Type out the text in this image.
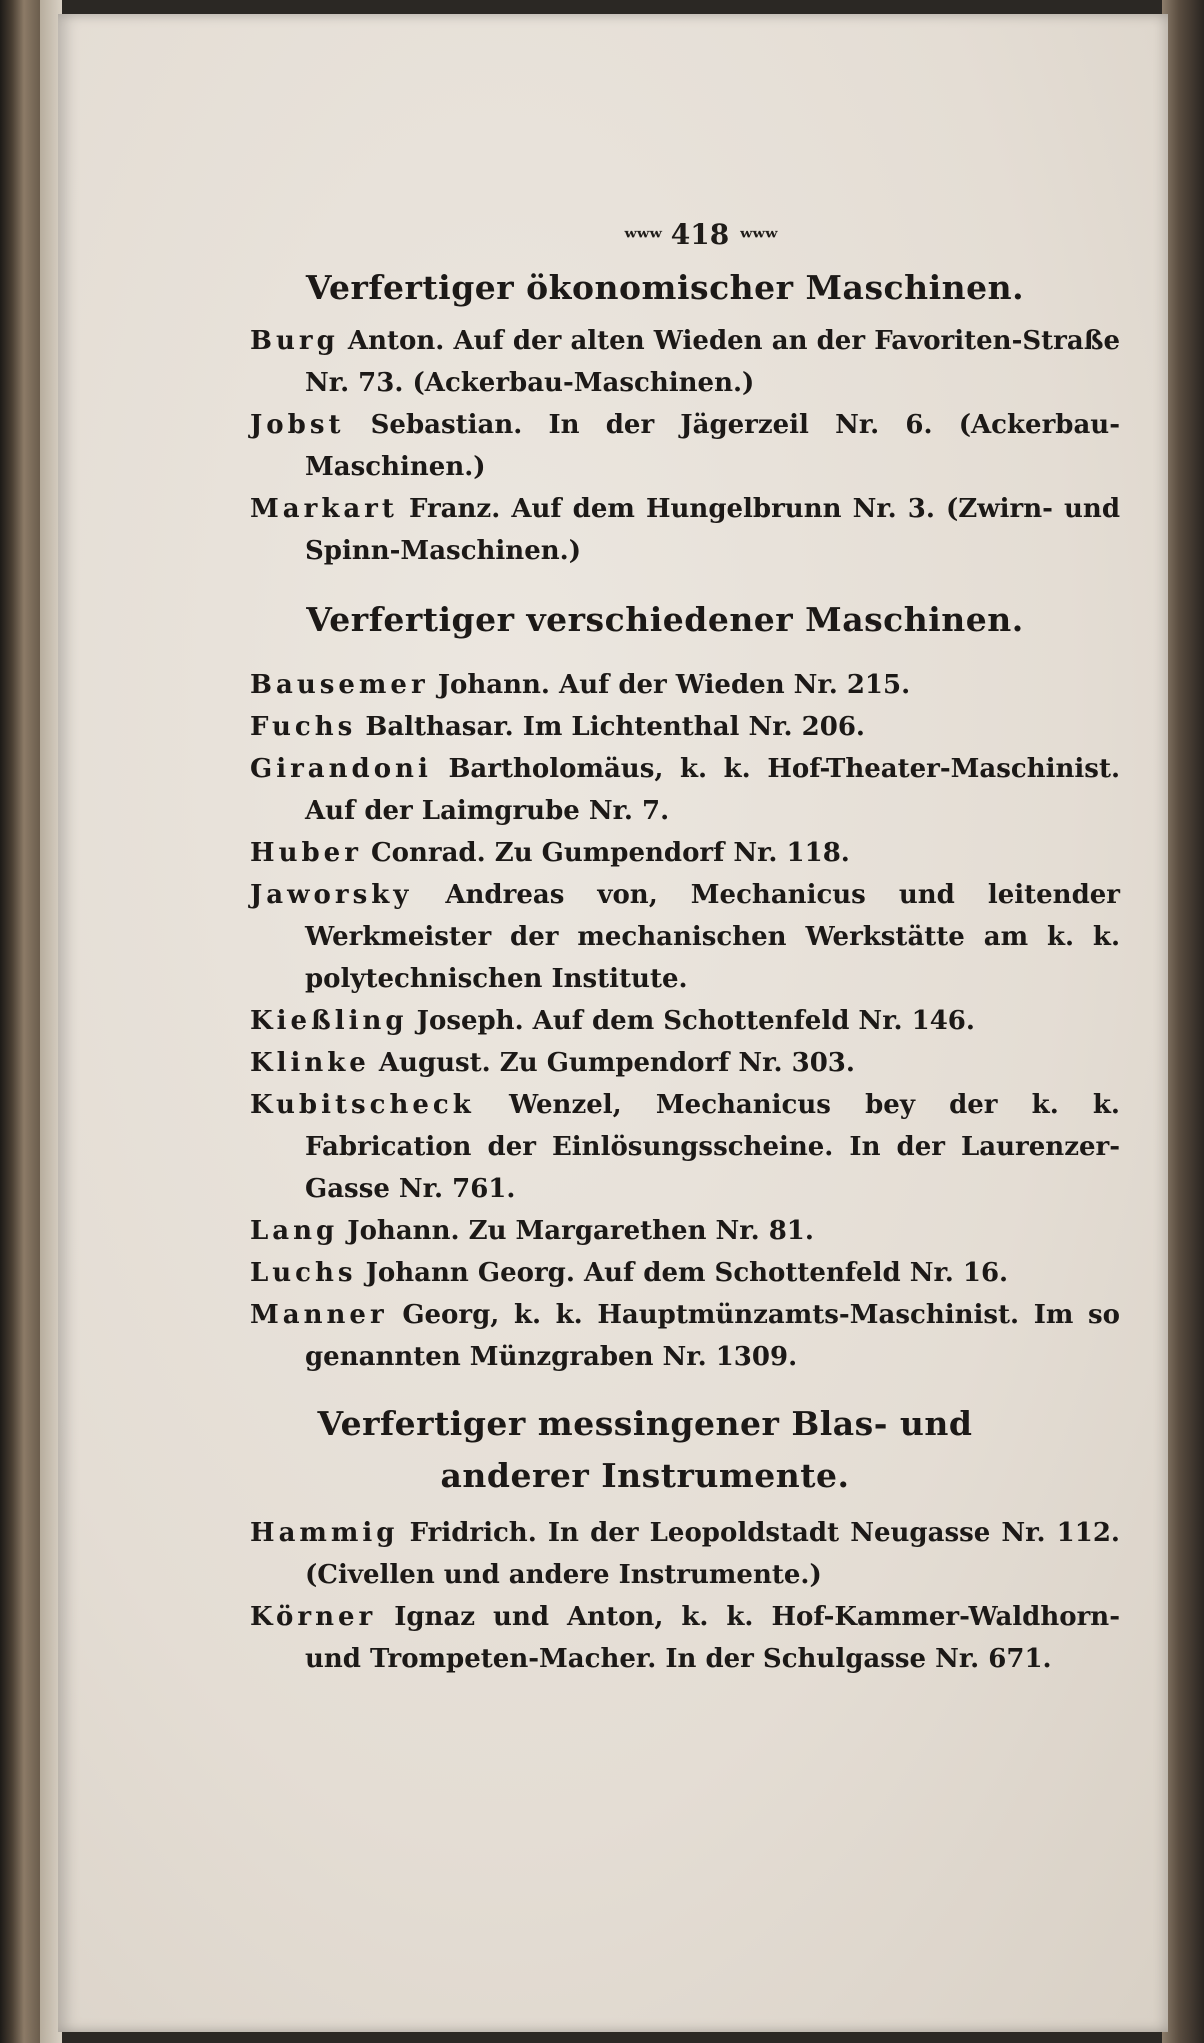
ʷʷʷ 418 ʷʷʷ
Verfertiger ökonomischer Maschinen.
Burg Anton. Auf der alten Wieden an der Favoriten-Straße Nr. 73. (Ackerbau-Maschinen.)
Jobst Sebastian. In der Jägerzeil Nr. 6. (Ackerbau-Maschinen.)
Markart Franz. Auf dem Hungelbrunn Nr. 3. (Zwirn- und Spinn-Maschinen.)
Verfertiger verschiedener Maschinen.
Bausemer Johann. Auf der Wieden Nr. 215.
Fuchs Balthasar. Im Lichtenthal Nr. 206.
Girandoni Bartholomäus, k. k. Hof-Theater-Maschinist. Auf der Laimgrube Nr. 7.
Huber Conrad. Zu Gumpendorf Nr. 118.
Jaworsky Andreas von, Mechanicus und leitender Werkmeister der mechanischen Werkstätte am k. k. polytechnischen Institute.
Kießling Joseph. Auf dem Schottenfeld Nr. 146.
Klinke August. Zu Gumpendorf Nr. 303.
Kubitscheck Wenzel, Mechanicus bey der k. k. Fabrication der Einlösungsscheine. In der Laurenzer-Gasse Nr. 761.
Lang Johann. Zu Margarethen Nr. 81.
Luchs Johann Georg. Auf dem Schottenfeld Nr. 16.
Manner Georg, k. k. Hauptmünzamts-Maschinist. Im so genannten Münzgraben Nr. 1309.
Verfertiger messingener Blas- und anderer Instrumente.
Hammig Fridrich. In der Leopoldstadt Neugasse Nr. 112. (Civellen und andere Instrumente.)
Körner Ignaz und Anton, k. k. Hof-Kammer-Waldhorn- und Trompeten-Macher. In der Schulgasse Nr. 671.
